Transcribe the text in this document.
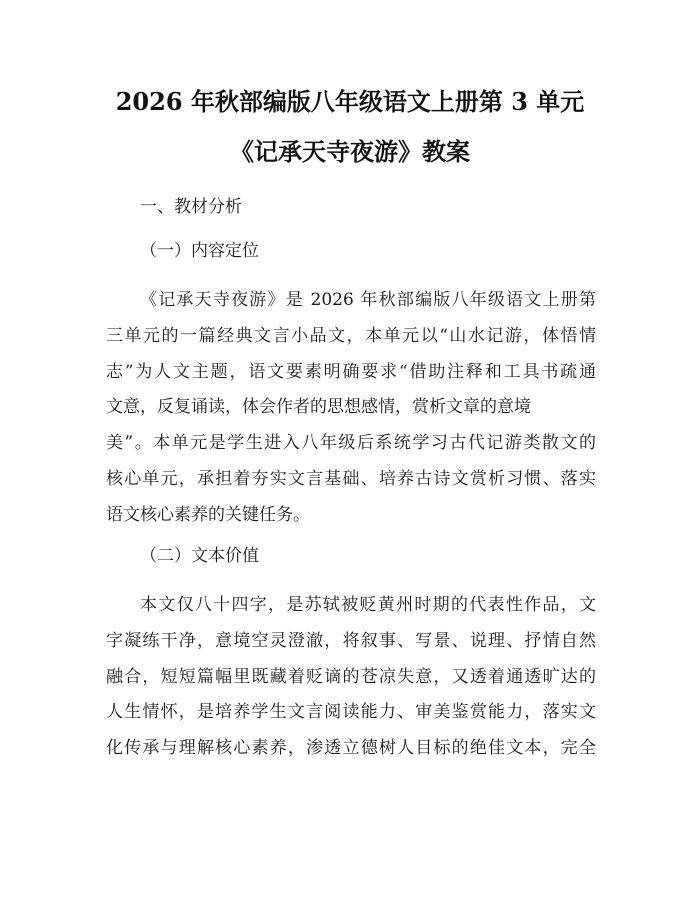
2026 年秋部编版八年级语文上册第 3 单元
《记承天寺夜游》教案
一、教材分析
（一）内容定位
《记承天寺夜游》是 2026 年秋部编版八年级语文上册第
三单元的一篇经典文言小品文，本单元以“山水记游，体悟情
志”为人文主题，语文要素明确要求“借助注释和工具书疏通
文意，反复诵读，体会作者的思想感情，赏析文章的意境
美”。本单元是学生进入八年级后系统学习古代记游类散文的
核心单元，承担着夯实文言基础、培养古诗文赏析习惯、落实
语文核心素养的关键任务。
（二）文本价值
本文仅八十四字，是苏轼被贬黄州时期的代表性作品，文
字凝练干净，意境空灵澄澈，将叙事、写景、说理、抒情自然
融合，短短篇幅里既藏着贬谪的苍凉失意，又透着通透旷达的
人生情怀，是培养学生文言阅读能力、审美鉴赏能力，落实文
化传承与理解核心素养，渗透立德树人目标的绝佳文本，完全
